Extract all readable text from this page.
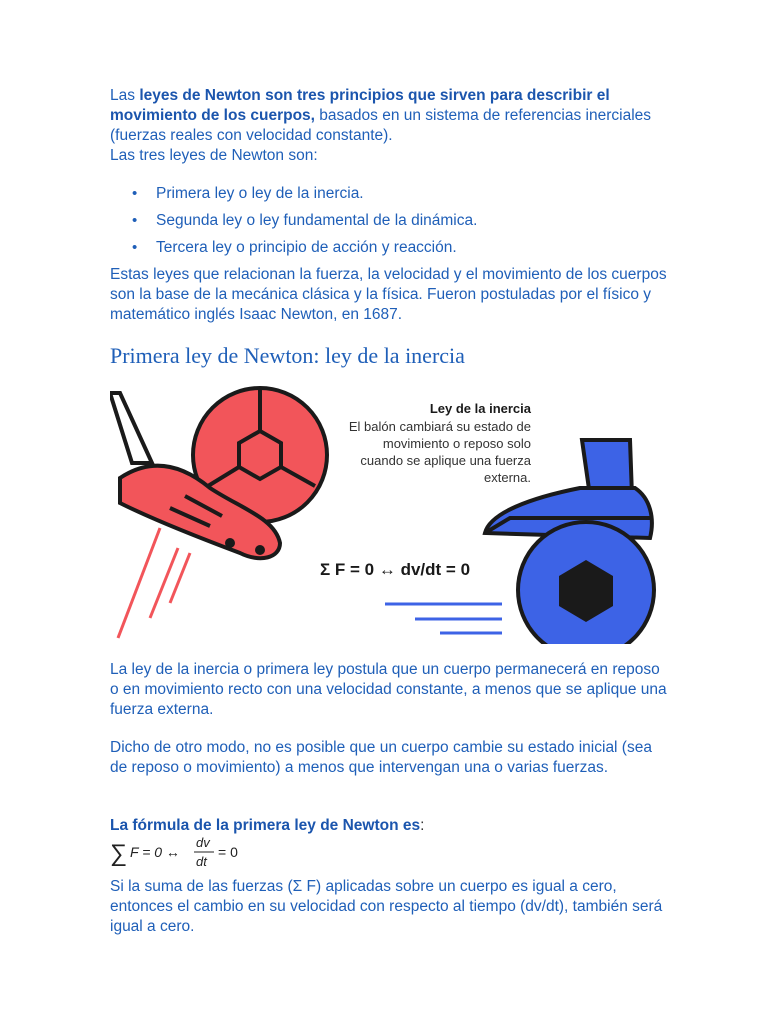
Las leyes de Newton son tres principios que sirven para describir el movimiento de los cuerpos, basados en un sistema de referencias inerciales (fuerzas reales con velocidad constante).

Las tres leyes de Newton son:

• Primera ley o ley de la inercia.
• Segunda ley o ley fundamental de la dinámica.
• Tercera ley o principio de acción y reacción.

Estas leyes que relacionan la fuerza, la velocidad y el movimiento de los cuerpos son la base de la mecánica clásica y la física. Fueron postuladas por el físico y matemático inglés Isaac Newton, en 1687.

Primera ley de Newton: ley de la inercia
Ley de la inercia
El balón cambiará su estado de
movimiento o reposo solo
cuando se aplique una fuerza
externa.
Σ F = 0 ↔ dv/dt = 0

La ley de la inercia o primera ley postula que un cuerpo permanecerá en reposo o en movimiento recto con una velocidad constante, a menos que se aplique una fuerza externa.

Dicho de otro modo, no es posible que un cuerpo cambie su estado inicial (sea de reposo o movimiento) a menos que intervengan una o varias fuerzas.

La fórmula de la primera ley de Newton es:

∑ F = 0 ↔
dv
dt
= 0

Si la suma de las fuerzas (Σ F) aplicadas sobre un cuerpo es igual a cero, entonces el cambio en su velocidad con respecto al tiempo (dv/dt), también será igual a cero.
